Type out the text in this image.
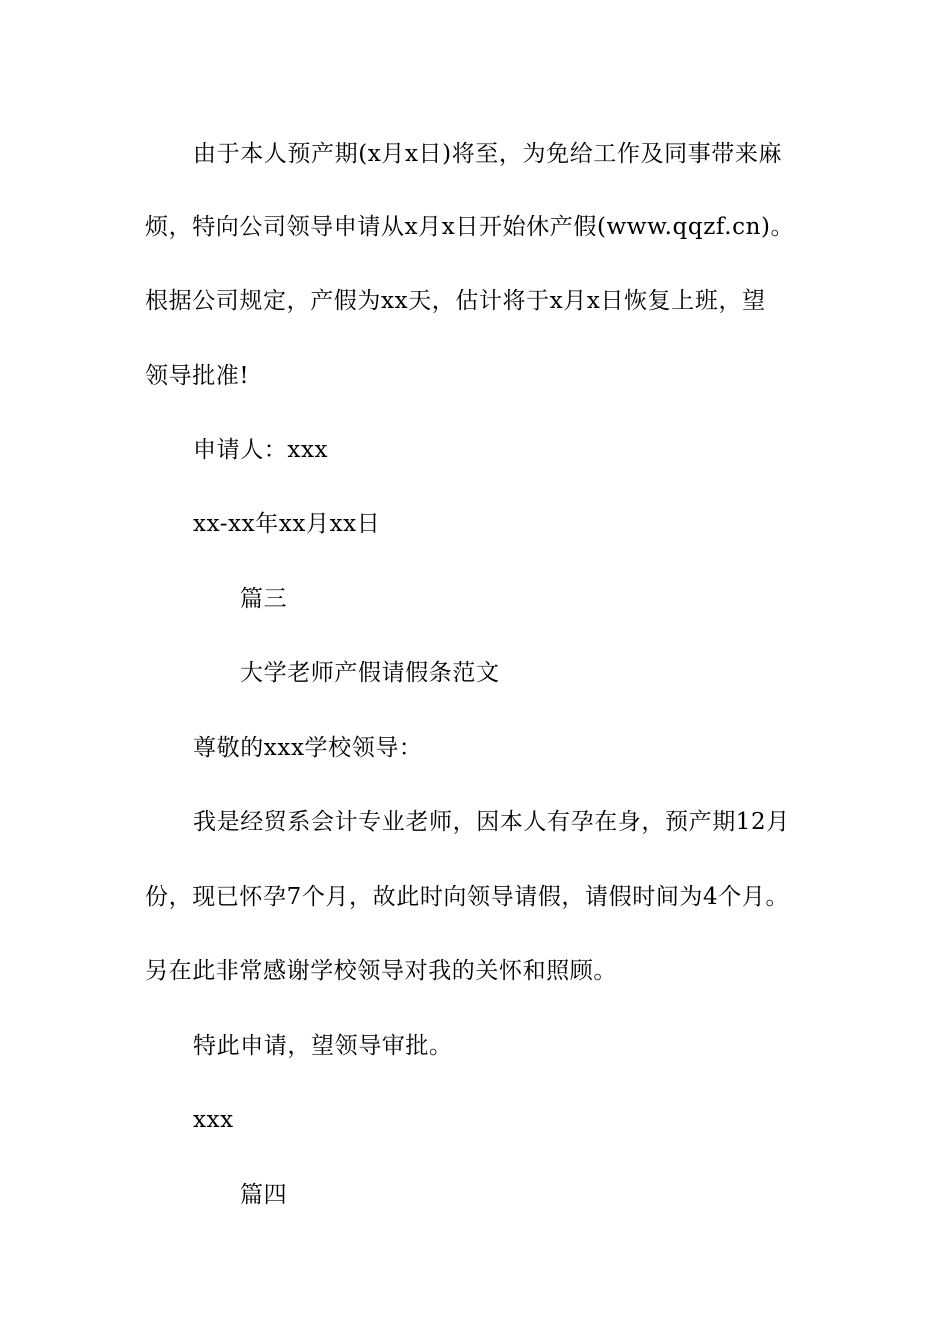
由于本人预产期(x月x日)将至，为免给工作及同事带来麻
烦，特向公司领导申请从x月x日开始休产假(www.qqzf.cn)。
根据公司规定，产假为xx天，估计将于x月x日恢复上班，望
领导批准!
申请人：xxx
xx-xx年xx月xx日
篇三
大学老师产假请假条范文
尊敬的xxx学校领导：
我是经贸系会计专业老师，因本人有孕在身，预产期12月
份，现已怀孕7个月，故此时向领导请假，请假时间为4个月。
另在此非常感谢学校领导对我的关怀和照顾。
特此申请，望领导审批。
xxx
篇四
